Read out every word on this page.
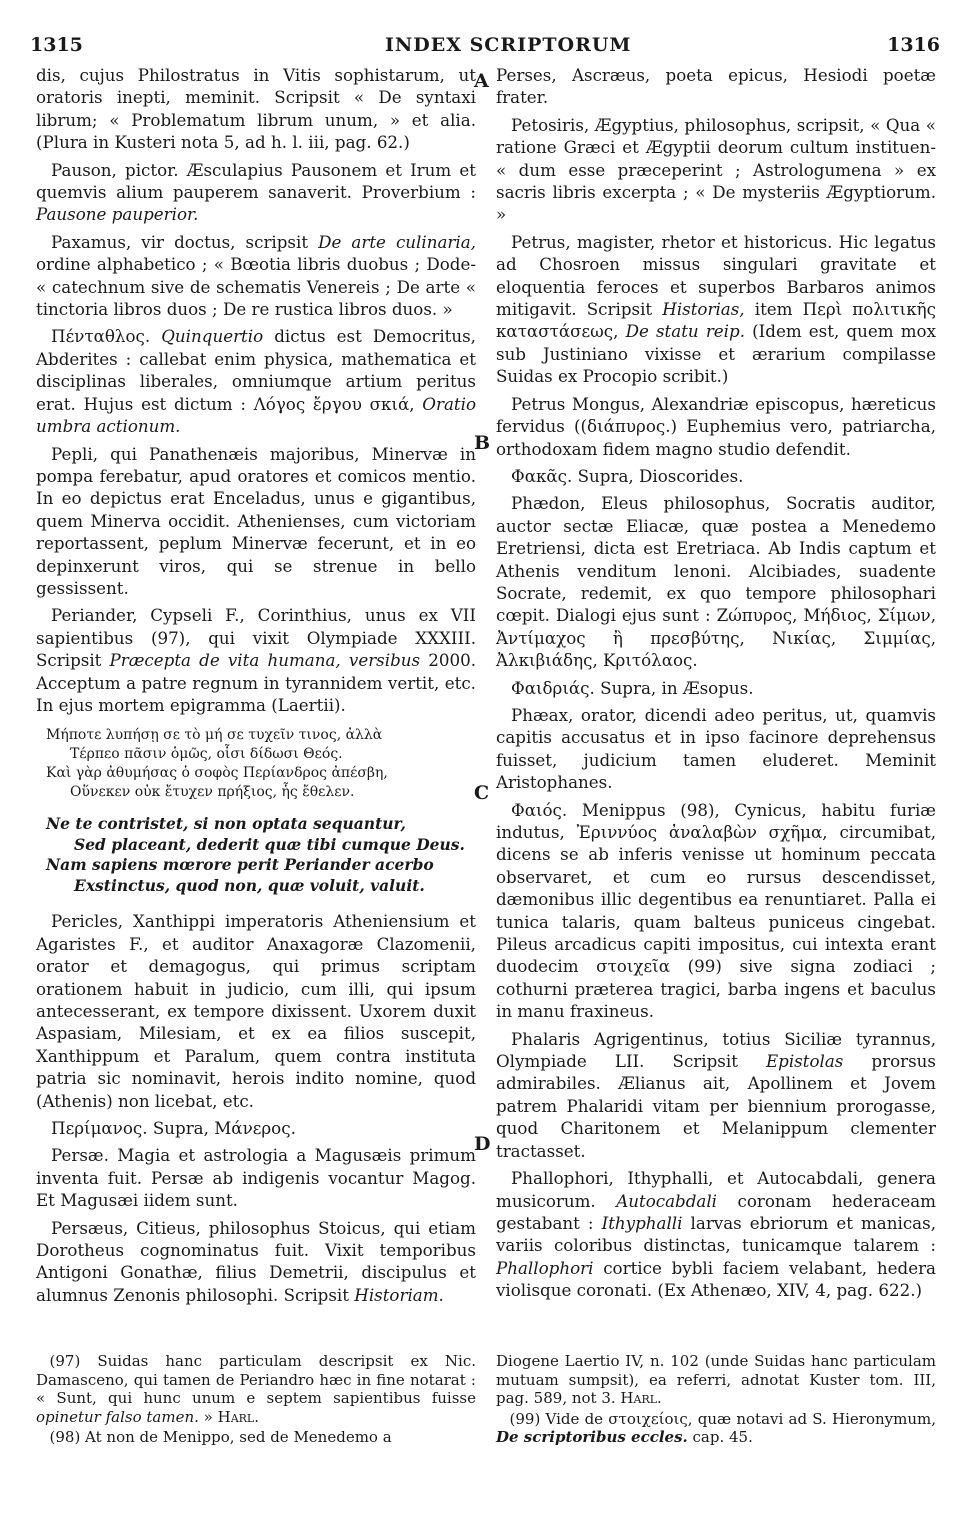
1315	INDEX SCRIPTORUM	1316
A
B
C
D

dis, cujus Philostratus in Vitis sophistarum, ut oratoris inepti, meminit. Scripsit « De syntaxi librum; « Problematum librum unum, » et alia. (Plura in Kusteri nota 5, ad h. l. iii, pag. 62.)

Pauson, pictor. Æsculapius Pausonem et Irum et quemvis alium pauperem sanaverit. Proverbium : Pausone pauperior.

Paxamus, vir doctus, scripsit De arte culinaria, ordine alphabetico ; « Bœotia libris duobus ; Dode- « catechnum sive de schematis Venereis ; De arte « tinctoria libros duos ; De re rustica libros duos. »

Πένταθλος. Quinquertio dictus est Democritus, Abderites : callebat enim physica, mathematica et disciplinas liberales, omniumque artium peritus erat. Hujus est dictum : Λόγος ἔργου σκιά, Oratio umbra actionum.

Pepli, qui Panathenæis majoribus, Minervæ in pompa ferebatur, apud oratores et comicos mentio. In eo depictus erat Enceladus, unus e gigantibus, quem Minerva occidit. Athenienses, cum victoriam reportassent, peplum Minervæ fecerunt, et in eo depinxerunt viros, qui se strenue in bello gessissent.

Periander, Cypseli F., Corinthius, unus ex VII sapientibus (97), qui vixit Olympiade XXXIII. Scripsit Præcepta de vita humana, versibus 2000. Acceptum a patre regnum in tyrannidem vertit, etc. In ejus mortem epigramma (Laertii).

Μήποτε λυπήσῃ σε τὸ μή σε τυχεῖν τινος, ἀλλὰ
Τέρπεο πᾶσιν ὁμῶς, οἷσι δίδωσι Θεός.
Καὶ γὰρ ἀθυμήσας ὁ σοφὸς Περίανδρος ἀπέσβη,
Οὕνεκεν οὐκ ἔτυχεν πρήξιος, ἧς ἔθελεν.
Ne te contristet, si non optata sequantur,
Sed placeant, dederit quæ tibi cumque Deus.
Nam sapiens mœrore perit Periander acerbo
Exstinctus, quod non, quæ voluit, valuit.

Pericles, Xanthippi imperatoris Atheniensium et Agaristes F., et auditor Anaxagoræ Clazomenii, orator et demagogus, qui primus scriptam orationem habuit in judicio, cum illi, qui ipsum antecesserant, ex tempore dixissent. Uxorem duxit Aspasiam, Milesiam, et ex ea filios suscepit, Xanthippum et Paralum, quem contra instituta patria sic nominavit, herois indito nomine, quod (Athenis) non licebat, etc.

Περίμανος. Supra, Μάνερος.

Persæ. Magia et astrologia a Magusæis primum inventa fuit. Persæ ab indigenis vocantur Magog. Et Magusæi iidem sunt.

Persæus, Citieus, philosophus Stoicus, qui etiam Dorotheus cognominatus fuit. Vixit temporibus Antigoni Gonathæ, filius Demetrii, discipulus et alumnus Zenonis philosophi. Scripsit Historiam.

Perses, Ascræus, poeta epicus, Hesiodi poetæ frater.

Petosiris, Ægyptius, philosophus, scripsit, « Qua « ratione Græci et Ægyptii deorum cultum instituen- « dum esse præceperint ; Astrologumena » ex sacris libris excerpta ; « De mysteriis Ægyptiorum. »

Petrus, magister, rhetor et historicus. Hic legatus ad Chosroen missus singulari gravitate et eloquentia feroces et superbos Barbaros animos mitigavit. Scripsit Historias, item Περὶ πολιτικῆς καταστάσεως, De statu reip. (Idem est, quem mox sub Justiniano vixisse et ærarium compilasse Suidas ex Procopio scribit.)

Petrus Mongus, Alexandriæ episcopus, hæreticus fervidus ((διάπυρος.) Euphemius vero, patriarcha, orthodoxam fidem magno studio defendit.

Φακᾶς. Supra, Dioscorides.

Phædon, Eleus philosophus, Socratis auditor, auctor sectæ Eliacæ, quæ postea a Menedemo Eretriensi, dicta est Eretriaca. Ab Indis captum et Athenis venditum lenoni. Alcibiades, suadente Socrate, redemit, ex quo tempore philosophari cœpit. Dialogi ejus sunt : Ζώπυρος, Μήδιος, Σίμων, Ἀντίμαχος ἢ πρεσβύτης, Νικίας, Σιμμίας, Ἀλκιβιάδης, Κριτόλαος.

Φαιδριάς. Supra, in Æsopus.

Phæax, orator, dicendi adeo peritus, ut, quamvis capitis accusatus et in ipso facinore deprehensus fuisset, judicium tamen eluderet. Meminit Aristophanes.

Φαιός. Menippus (98), Cynicus, habitu furiæ indutus, Ἐριννύος ἀναλαβὼν σχῆμα, circumibat, dicens se ab inferis venisse ut hominum peccata observaret, et cum eo rursus descendisset, dæmonibus illic degentibus ea renuntiaret. Palla ei tunica talaris, quam balteus puniceus cingebat. Pileus arcadicus capiti impositus, cui intexta erant duodecim στοιχεῖα (99) sive signa zodiaci ; cothurni præterea tragici, barba ingens et baculus in manu fraxineus.

Phalaris Agrigentinus, totius Siciliæ tyrannus, Olympiade LII. Scripsit Epistolas prorsus admirabiles. Ælianus ait, Apollinem et Jovem patrem Phalaridi vitam per biennium prorogasse, quod Charitonem et Melanippum clementer tractasset.

Phallophori, Ithyphalli, et Autocabdali, genera musicorum. Autocabdali coronam hederaceam gestabant : Ithyphalli larvas ebriorum et manicas, variis coloribus distinctas, tunicamque talarem : Phallophori cortice bybli faciem velabant, hedera violisque coronati. (Ex Athenæo, XIV, 4, pag. 622.)

(97) Suidas hanc particulam descripsit ex Nic. Damasceno, qui tamen de Periandro hæc in fine notarat : « Sunt, qui hunc unum e septem sapientibus fuisse opinetur falso tamen. » Harl.

(98) At non de Menippo, sed de Menedemo a

Diogene Laertio IV, n. 102 (unde Suidas hanc particulam mutuam sumpsit), ea referri, adnotat Kuster tom. III, pag. 589, not 3. Harl.

(99) Vide de στοιχείοις, quæ notavi ad S. Hieronymum, De scriptoribus eccles. cap. 45.
